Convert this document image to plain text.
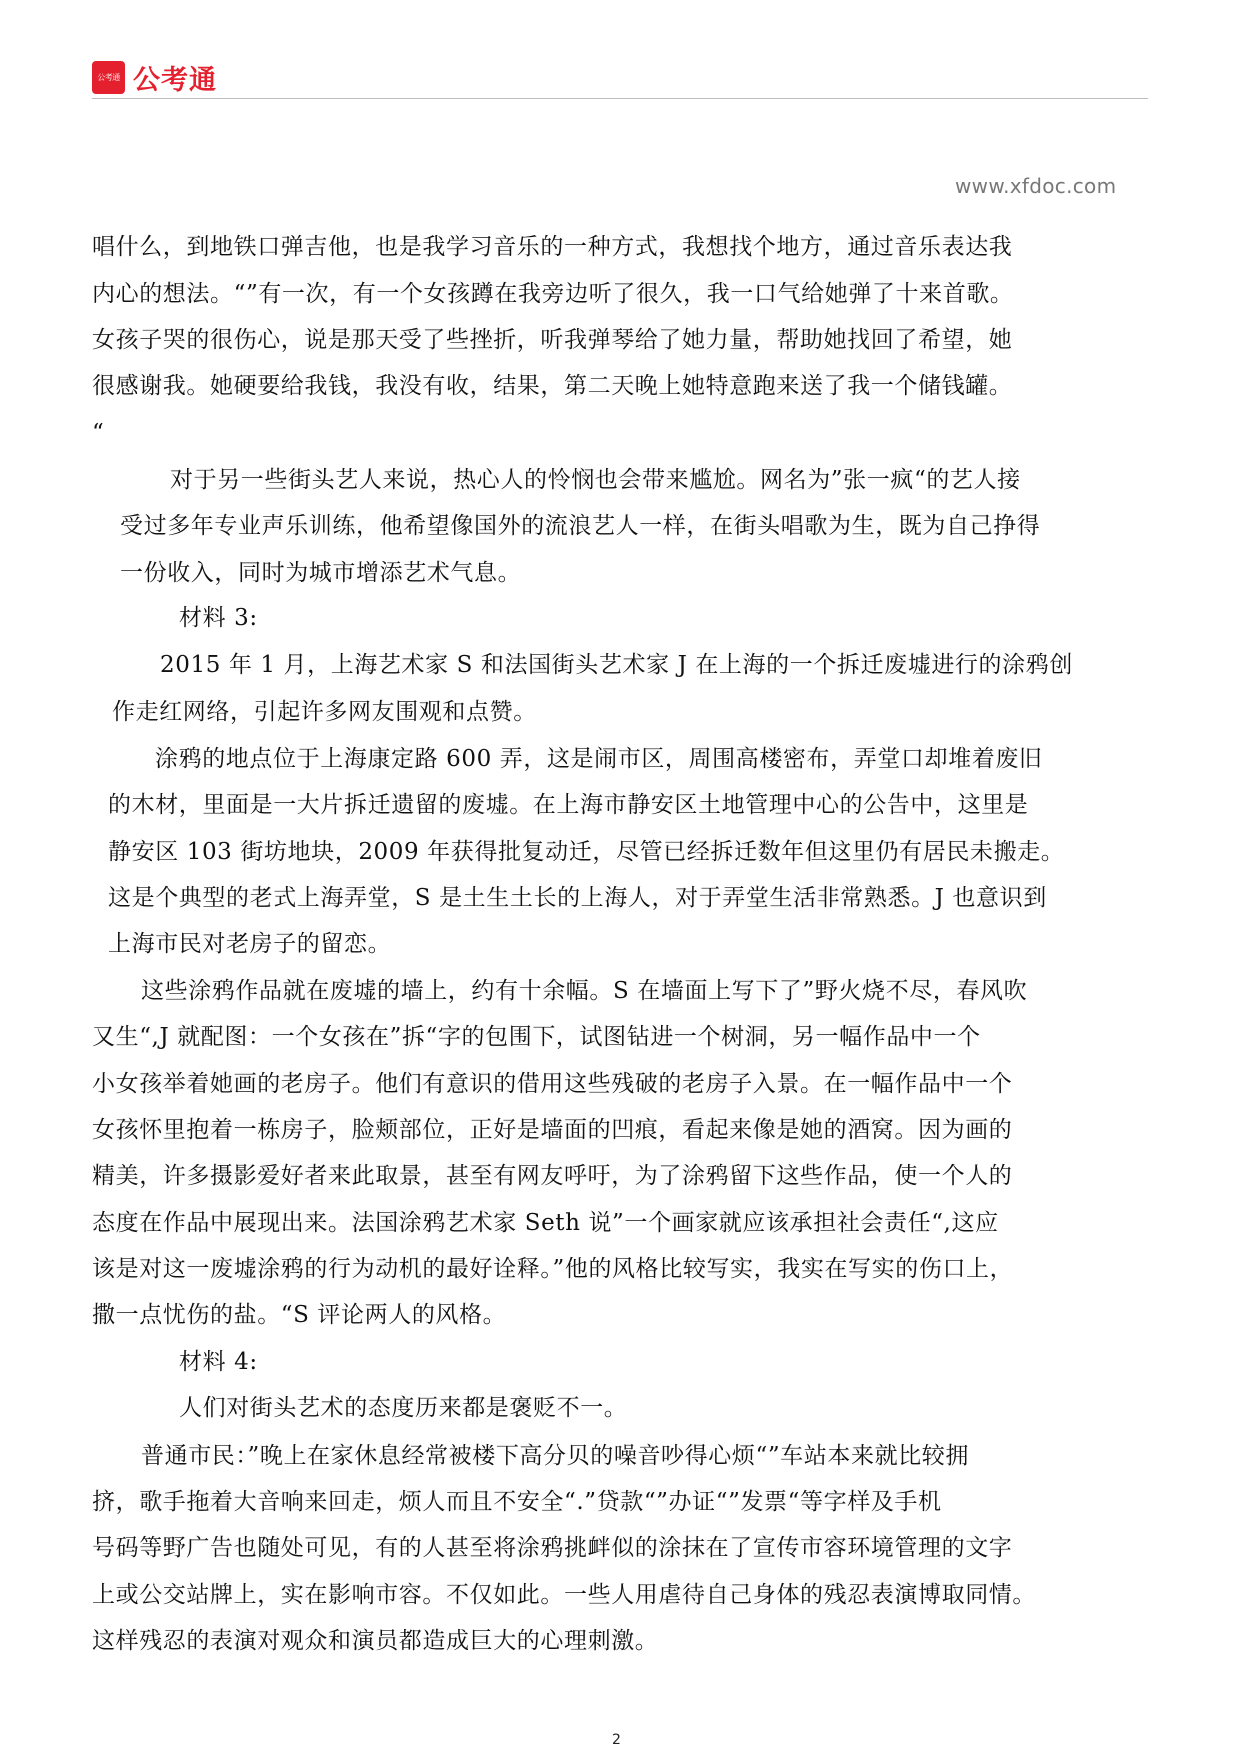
公考通 公考通
www.xfdoc.com
唱什么，到地铁口弹吉他，也是我学习音乐的一种方式，我想找个地方，通过音乐表达我
内心的想法。“”有一次，有一个女孩蹲在我旁边听了很久，我一口气给她弹了十来首歌。
女孩子哭的很伤心，说是那天受了些挫折，听我弹琴给了她力量，帮助她找回了希望，她
很感谢我。她硬要给我钱，我没有收，结果，第二天晚上她特意跑来送了我一个储钱罐。
“
对于另一些街头艺人来说，热心人的怜悯也会带来尴尬。网名为”张一疯“的艺人接
受过多年专业声乐训练，他希望像国外的流浪艺人一样，在街头唱歌为生，既为自己挣得
一份收入，同时为城市增添艺术气息。
材料 3:
2015 年 1 月，上海艺术家 S 和法国街头艺术家 J 在上海的一个拆迁废墟进行的涂鸦创
作走红网络，引起许多网友围观和点赞。
涂鸦的地点位于上海康定路 600 弄，这是闹市区，周围高楼密布，弄堂口却堆着废旧
的木材，里面是一大片拆迁遗留的废墟。在上海市静安区土地管理中心的公告中，这里是
静安区 103 街坊地块，2009 年获得批复动迁，尽管已经拆迁数年但这里仍有居民未搬走。
这是个典型的老式上海弄堂，S 是土生土长的上海人，对于弄堂生活非常熟悉。J 也意识到
上海市民对老房子的留恋。
这些涂鸦作品就在废墟的墙上，约有十余幅。S 在墙面上写下了”野火烧不尽，春风吹
又生“,J 就配图：一个女孩在”拆“字的包围下，试图钻进一个树洞，另一幅作品中一个
小女孩举着她画的老房子。他们有意识的借用这些残破的老房子入景。在一幅作品中一个
女孩怀里抱着一栋房子，脸颊部位，正好是墙面的凹痕，看起来像是她的酒窝。因为画的
精美，许多摄影爱好者来此取景，甚至有网友呼吁，为了涂鸦留下这些作品，使一个人的
态度在作品中展现出来。法国涂鸦艺术家 Seth 说”一个画家就应该承担社会责任“,这应
该是对这一废墟涂鸦的行为动机的最好诠释。”他的风格比较写实，我实在写实的伤口上，
撒一点忧伤的盐。“S 评论两人的风格。
材料 4:
人们对街头艺术的态度历来都是褒贬不一。
普通市民：”晚上在家休息经常被楼下高分贝的噪音吵得心烦“”车站本来就比较拥
挤，歌手拖着大音响来回走，烦人而且不安全“.”贷款“”办证“”发票“等字样及手机
号码等野广告也随处可见，有的人甚至将涂鸦挑衅似的涂抹在了宣传市容环境管理的文字
上或公交站牌上，实在影响市容。不仅如此。一些人用虐待自己身体的残忍表演博取同情。
这样残忍的表演对观众和演员都造成巨大的心理刺激。
2
